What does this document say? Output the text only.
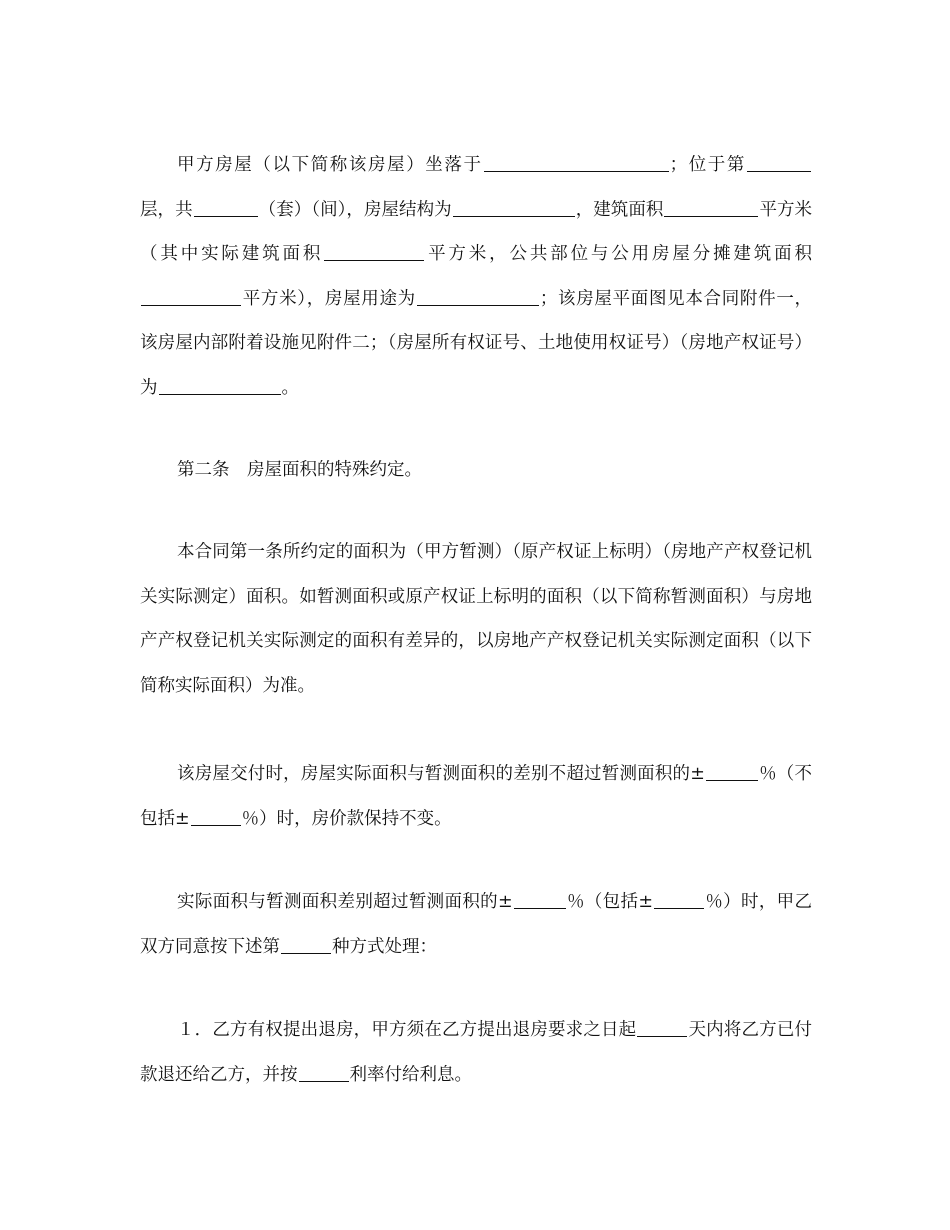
甲方房屋（以下简称该房屋）坐落于	；位于第层，共	（套）（间），房屋结构为	，建筑面积	平方米（其中实际建筑面积	平方米，公共部位与公用房屋分摊建筑面积平方米），房屋用途为	；该房屋平面图见本合同附件一，该房屋内部附着设施见附件二；（房屋所有权证号、土地使用权证号）（房地产权证号）为	。
第二条　房屋面积的特殊约定。
本合同第一条所约定的面积为（甲方暂测）（原产权证上标明）（房地产产权登记机关实际测定）面积。如暂测面积或原产权证上标明的面积（以下简称暂测面积）与房地产产权登记机关实际测定的面积有差异的，以房地产产权登记机关实际测定面积（以下简称实际面积）为准。
该房屋交付时，房屋实际面积与暂测面积的差别不超过暂测面积的±	％（不包括±	％）时，房价款保持不变。
实际面积与暂测面积差别超过暂测面积的±	％（包括±	％）时，甲乙双方同意按下述第	种方式处理：
１．乙方有权提出退房，甲方须在乙方提出退房要求之日起	天内将乙方已付款退还给乙方，并按	利率付给利息。
